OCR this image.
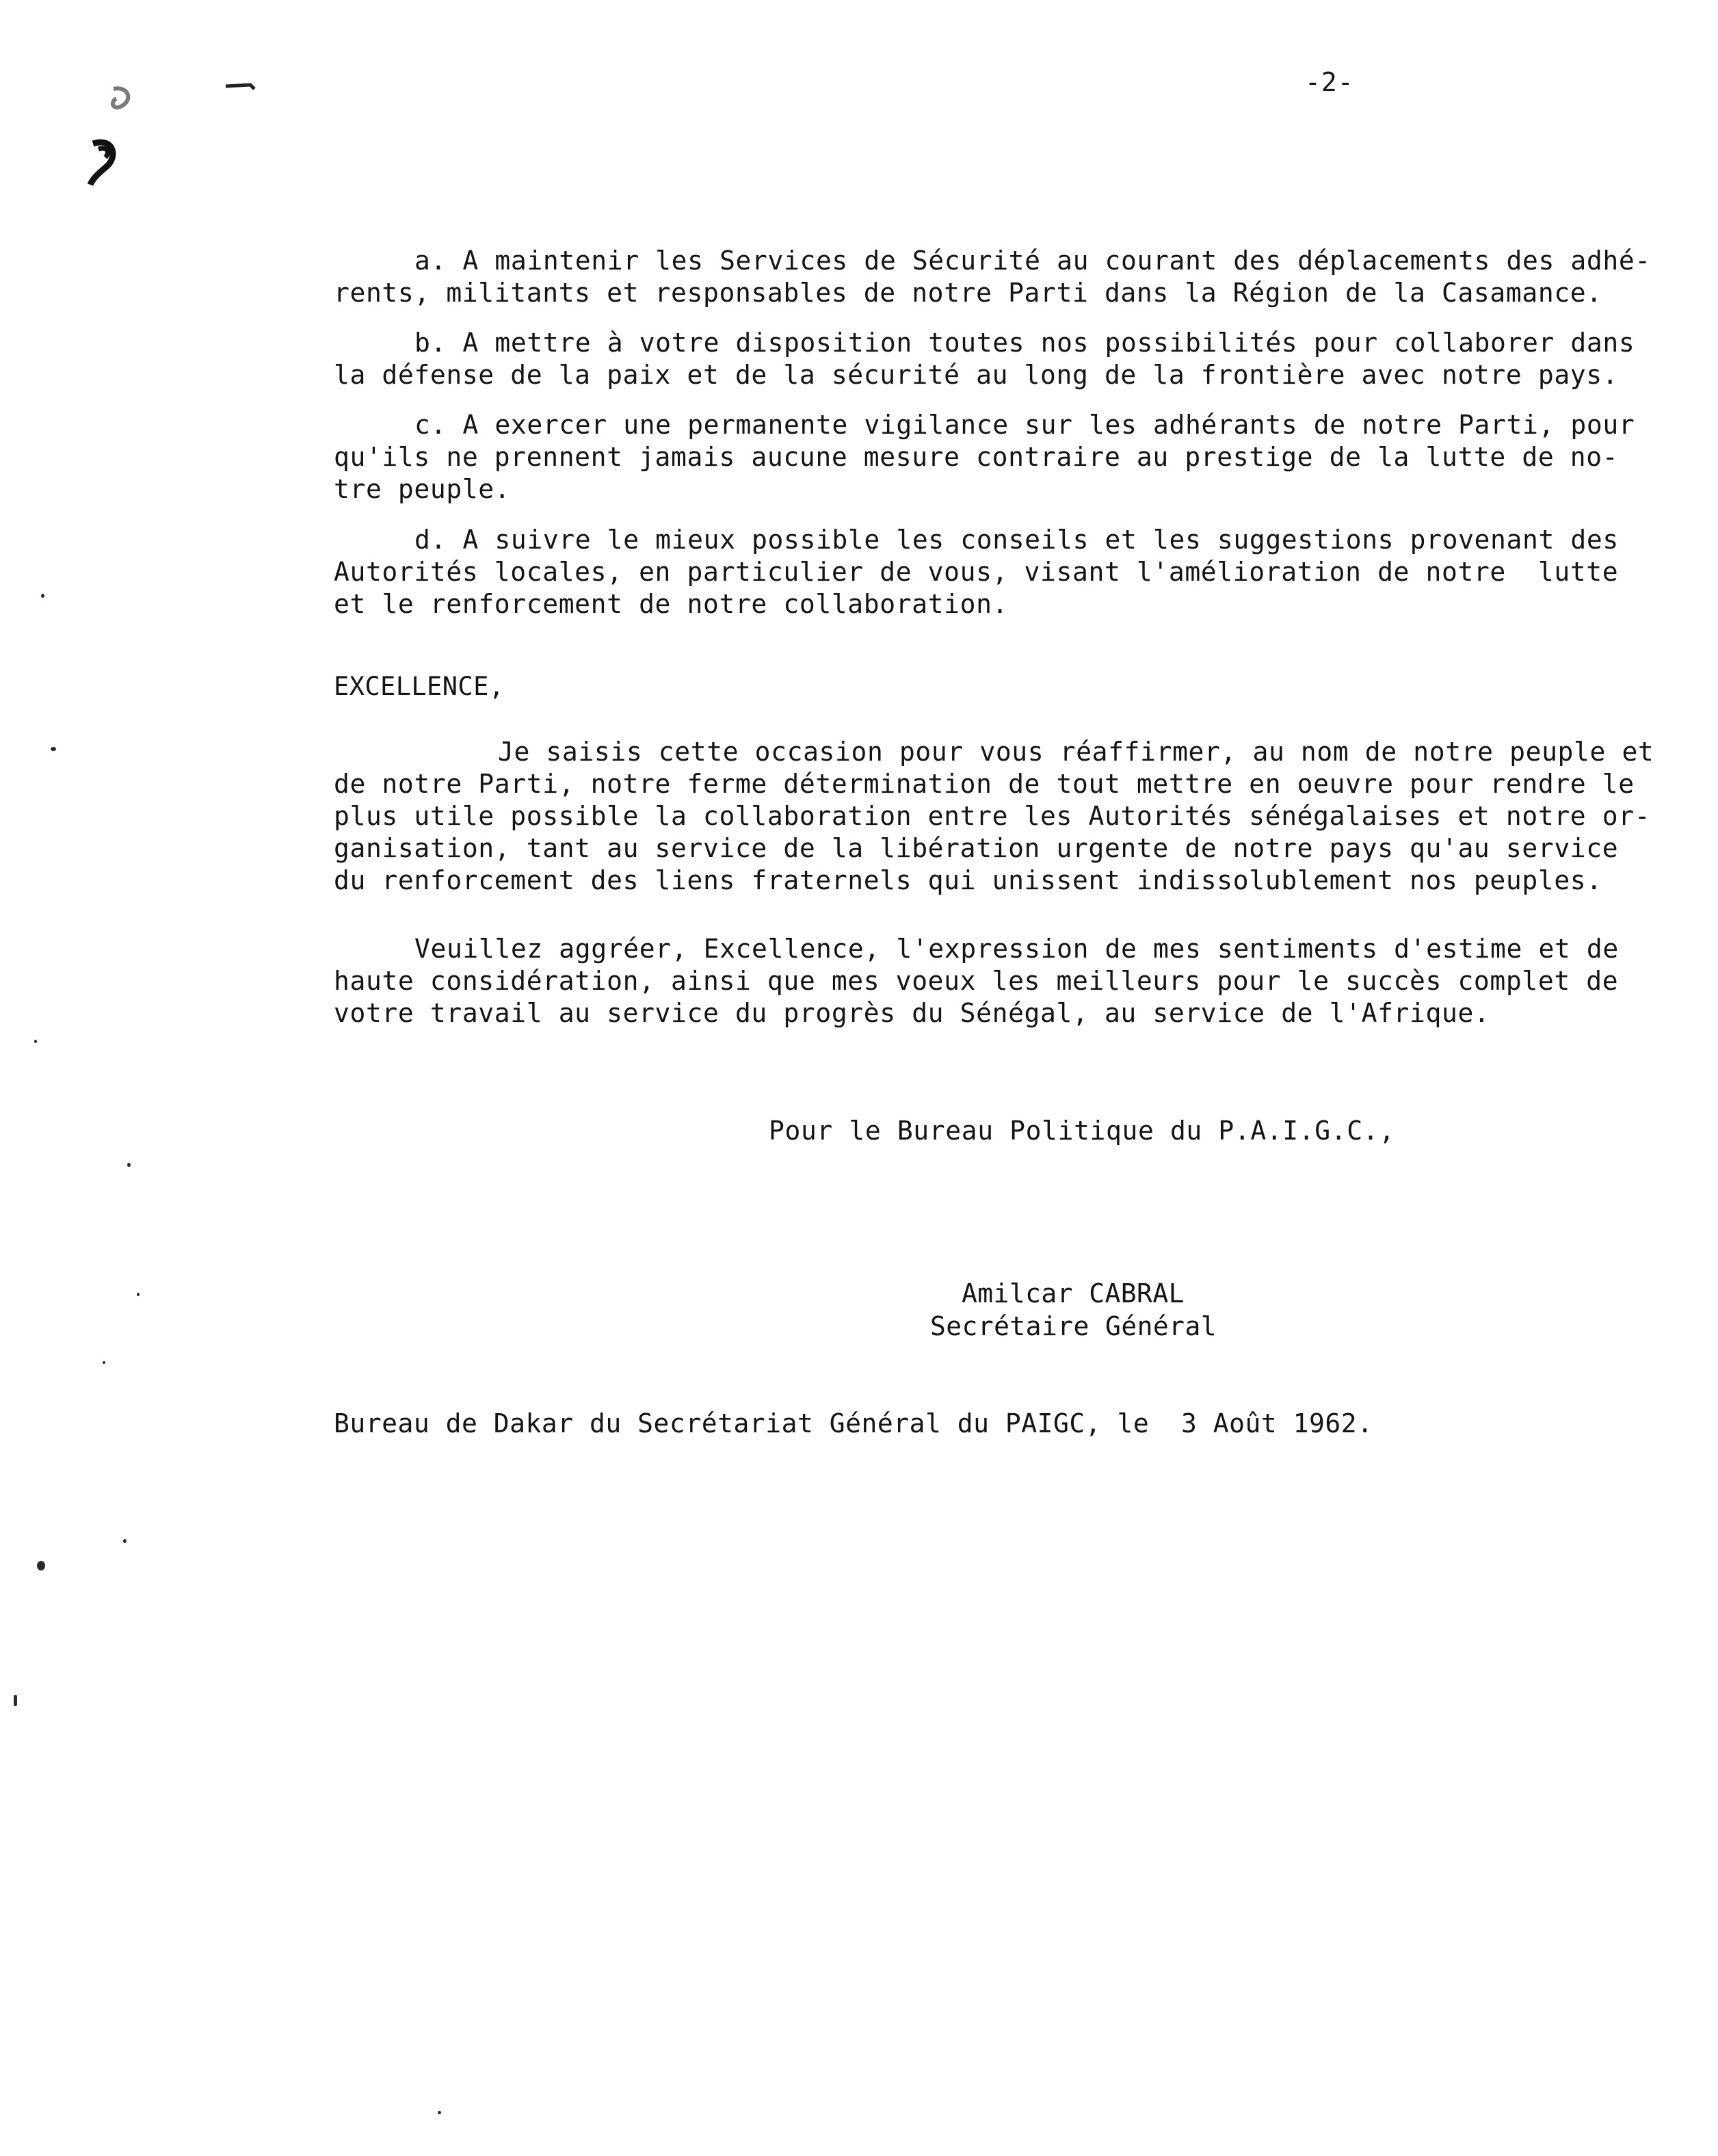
-2-
a. A maintenir les Services de Sécurité au courant des déplacements des adhé-
rents, militants et responsables de notre Parti dans la Région de la Casamance.
b. A mettre à votre disposition toutes nos possibilités pour collaborer dans
la défense de la paix et de la sécurité au long de la frontière avec notre pays.
c. A exercer une permanente vigilance sur les adhérants de notre Parti, pour
qu'ils ne prennent jamais aucune mesure contraire au prestige de la lutte de no-
tre peuple.
d. A suivre le mieux possible les conseils et les suggestions provenant des
Autorités locales, en particulier de vous, visant l'amélioration de notre  lutte
et le renforcement de notre collaboration.
EXCELLENCE,
Je saisis cette occasion pour vous réaffirmer, au nom de notre peuple et
de notre Parti, notre ferme détermination de tout mettre en oeuvre pour rendre le
plus utile possible la collaboration entre les Autorités sénégalaises et notre or-
ganisation, tant au service de la libération urgente de notre pays qu'au service
du renforcement des liens fraternels qui unissent indissolublement nos peuples.
Veuillez aggréer, Excellence, l'expression de mes sentiments d'estime et de
haute considération, ainsi que mes voeux les meilleurs pour le succès complet de
votre travail au service du progrès du Sénégal, au service de l'Afrique.
Pour le Bureau Politique du P.A.I.G.C.,
Amilcar CABRAL
Secrétaire Général
Bureau de Dakar du Secrétariat Général du PAIGC, le  3 Août 1962.
